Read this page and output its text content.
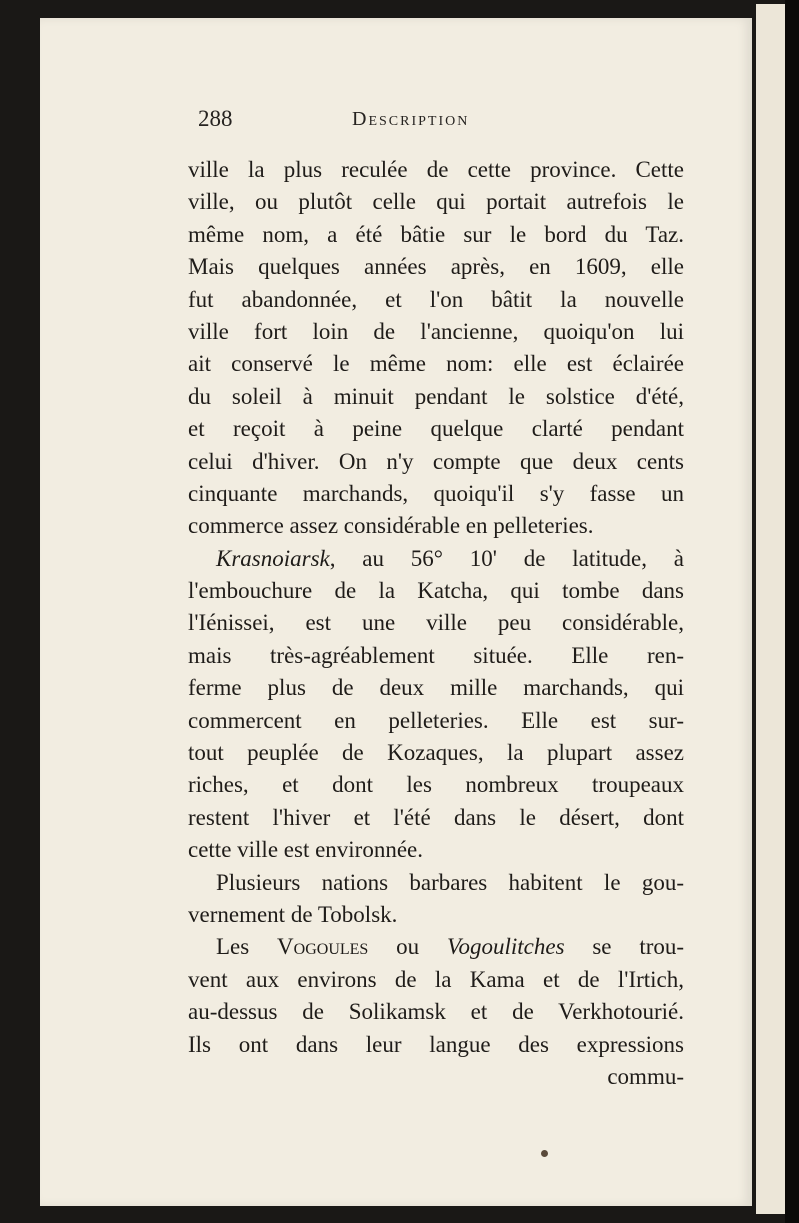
288	Description
ville la plus reculée de cette province. Cette
ville, ou plutôt celle qui portait autrefois le
même nom, a été bâtie sur le bord du Taz.
Mais quelques années après, en 1609, elle
fut abandonnée, et l'on bâtit la nouvelle
ville fort loin de l'ancienne, quoiqu'on lui
ait conservé le même nom: elle est éclairée
du soleil à minuit pendant le solstice d'été,
et reçoit à peine quelque clarté pendant
celui d'hiver. On n'y compte que deux cents
cinquante marchands, quoiqu'il s'y fasse un
commerce assez considérable en pelleteries.
Krasnoiarsk, au 56° 10' de latitude, à
l'embouchure de la Katcha, qui tombe dans
l'Iénissei, est une ville peu considérable,
mais très-agréablement située. Elle ren-
ferme plus de deux mille marchands, qui
commercent en pelleteries. Elle est sur-
tout peuplée de Kozaques, la plupart assez
riches, et dont les nombreux troupeaux
restent l'hiver et l'été dans le désert, dont
cette ville est environnée.
Plusieurs nations barbares habitent le gou-
vernement de Tobolsk.
Les Vogoules ou Vogoulitches se trou-
vent aux environs de la Kama et de l'Irtich,
au-dessus de Solikamsk et de Verkhotourié.
Ils ont dans leur langue des expressions
commu-
